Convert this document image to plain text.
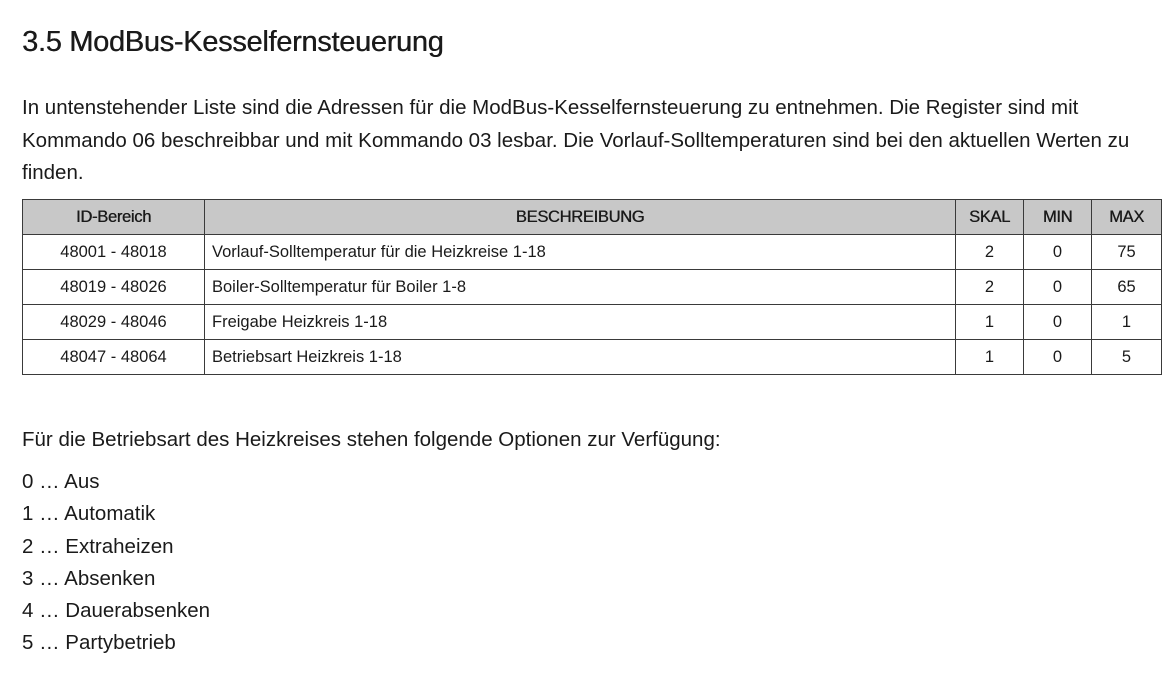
3.5 ModBus-Kesselfernsteuerung

In untenstehender Liste sind die Adressen für die ModBus-Kesselfernsteuerung zu entnehmen. Die Register sind mit Kommando 06 beschreibbar und mit Kommando 03 lesbar. Die Vorlauf-Solltemperaturen sind bei den aktuellen Werten zu finden.

ID-Bereich	BESCHREIBUNG	SKAL	MIN	MAX
48001 - 48018	Vorlauf-Solltemperatur für die Heizkreise 1-18	2	0	75
48019 - 48026	Boiler-Solltemperatur für Boiler 1-8	2	0	65
48029 - 48046	Freigabe Heizkreis 1-18	1	0	1
48047 - 48064	Betriebsart Heizkreis 1-18	1	0	5

Für die Betriebsart des Heizkreises stehen folgende Optionen zur Verfügung:

0 … Aus
1 … Automatik
2 … Extraheizen
3 … Absenken
4 … Dauerabsenken
5 … Partybetrieb
